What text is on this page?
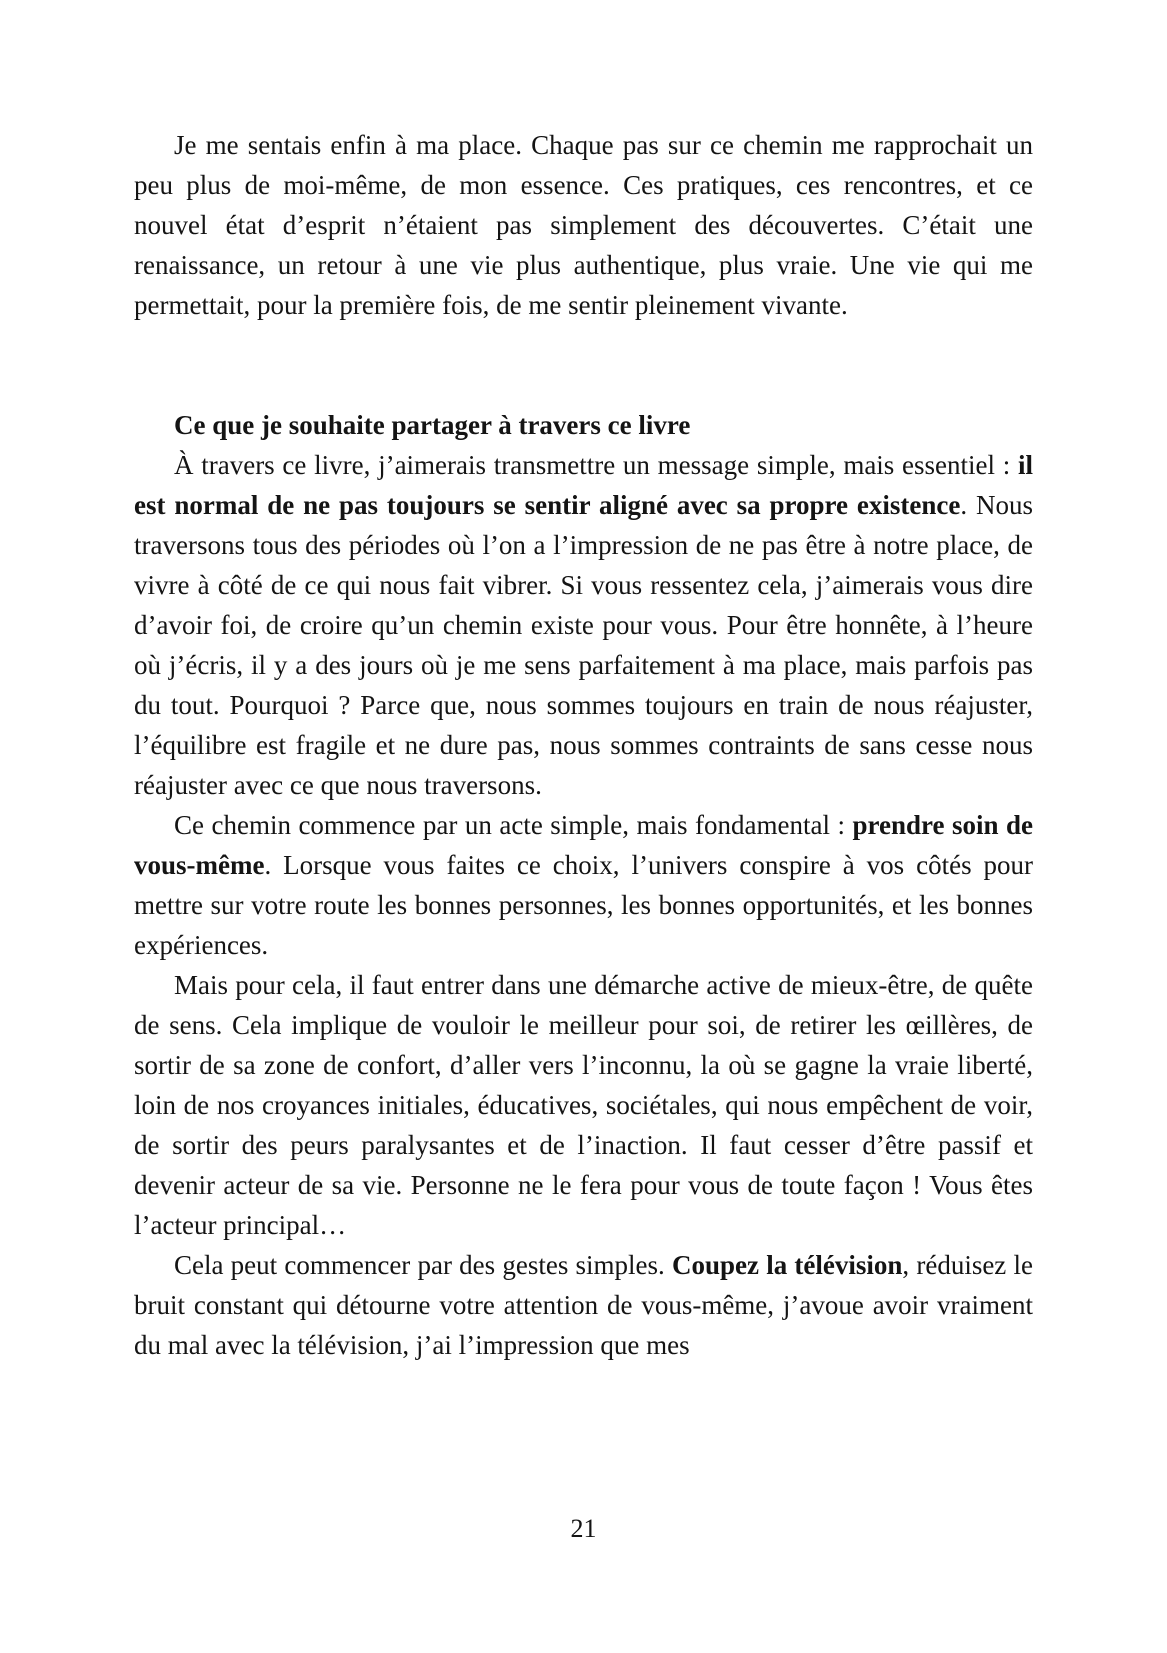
Je me sentais enfin à ma place. Chaque pas sur ce chemin me rapprochait un peu plus de moi-même, de mon essence. Ces pratiques, ces rencontres, et ce nouvel état d’esprit n’étaient pas simplement des découvertes. C’était une renaissance, un retour à une vie plus authentique, plus vraie. Une vie qui me permettait, pour la première fois, de me sentir pleinement vivante.

Ce que je souhaite partager à travers ce livre

À travers ce livre, j’aimerais transmettre un message simple, mais essentiel : il est normal de ne pas toujours se sentir aligné avec sa propre existence. Nous traversons tous des périodes où l’on a l’impression de ne pas être à notre place, de vivre à côté de ce qui nous fait vibrer. Si vous ressentez cela, j’aimerais vous dire d’avoir foi, de croire qu’un chemin existe pour vous. Pour être honnête, à l’heure où j’écris, il y a des jours où je me sens parfaitement à ma place, mais parfois pas du tout. Pourquoi ? Parce que, nous sommes toujours en train de nous réajuster, l’équilibre est fragile et ne dure pas, nous sommes contraints de sans cesse nous réajuster avec ce que nous traversons.

Ce chemin commence par un acte simple, mais fondamental : prendre soin de vous-même. Lorsque vous faites ce choix, l’univers conspire à vos côtés pour mettre sur votre route les bonnes personnes, les bonnes opportunités, et les bonnes expériences.

Mais pour cela, il faut entrer dans une démarche active de mieux-être, de quête de sens. Cela implique de vouloir le meilleur pour soi, de retirer les œillères, de sortir de sa zone de confort, d’aller vers l’inconnu, la où se gagne la vraie liberté, loin de nos croyances initiales, éducatives, sociétales, qui nous empêchent de voir, de sortir des peurs paralysantes et de l’inaction. Il faut cesser d’être passif et devenir acteur de sa vie. Personne ne le fera pour vous de toute façon ! Vous êtes l’acteur principal…

Cela peut commencer par des gestes simples. Coupez la télévision, réduisez le bruit constant qui détourne votre attention de vous-même, j’avoue avoir vraiment du mal avec la télévision, j’ai l’impression que mes

21
